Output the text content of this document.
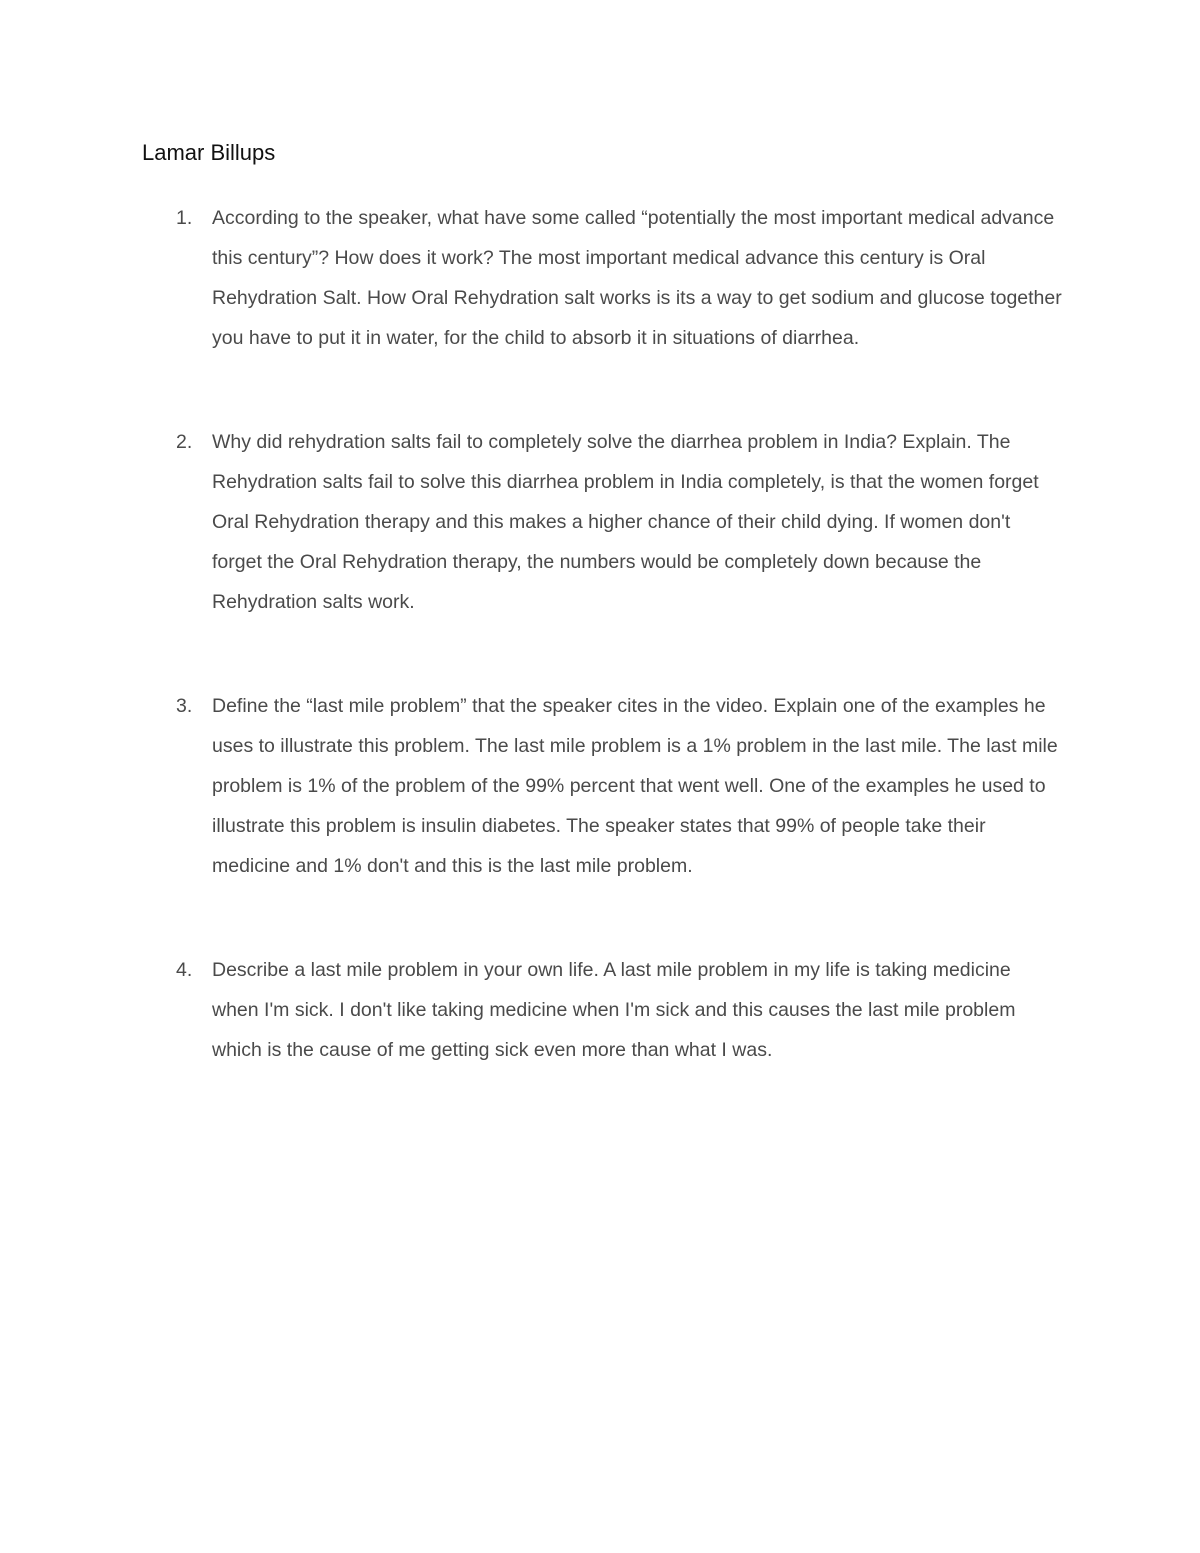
Lamar Billups
1. According to the speaker, what have some called “potentially the most important medical advance this century”? How does it work? The most important medical advance this century is Oral Rehydration Salt. How Oral Rehydration salt works is its a way to get sodium and glucose together you have to put it in water, for the child to absorb it in situations of diarrhea.
2. Why did rehydration salts fail to completely solve the diarrhea problem in India? Explain. The Rehydration salts fail to solve this diarrhea problem in India completely, is that the women forget Oral Rehydration therapy and this makes a higher chance of their child dying. If women don't forget the Oral Rehydration therapy, the numbers would be completely down because the Rehydration salts work.
3. Define the “last mile problem” that the speaker cites in the video. Explain one of the examples he uses to illustrate this problem. The last mile problem is a 1% problem in the last mile. The last mile problem is 1% of the problem of the 99% percent that went well. One of the examples he used to illustrate this problem is insulin diabetes. The speaker states that 99% of people take their medicine and 1% don't and this is the last mile problem.
4. Describe a last mile problem in your own life. A last mile problem in my life is taking medicine when I'm sick. I don't like taking medicine when I'm sick and this causes the last mile problem which is the cause of me getting sick even more than what I was.
